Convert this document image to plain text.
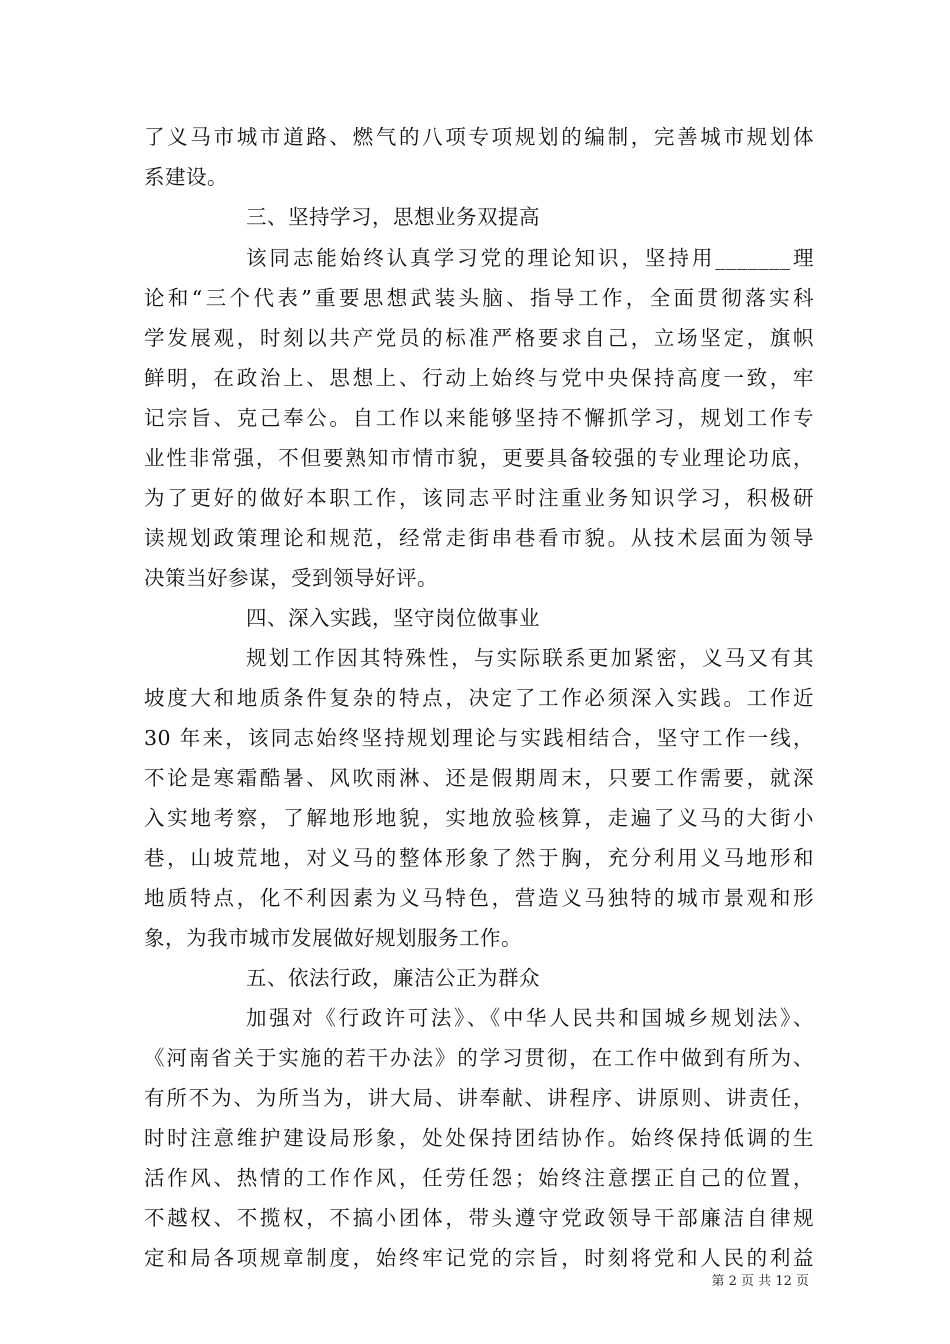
了义马市城市道路、燃气的八项专项规划的编制，完善城市规划体
系建设。
三、坚持学习，思想业务双提高
该同志能始终认真学习党的理论知识，坚持用_______理
论和“三个代表”重要思想武装头脑、指导工作，全面贯彻落实科
学发展观，时刻以共产党员的标准严格要求自己，立场坚定，旗帜
鲜明，在政治上、思想上、行动上始终与党中央保持高度一致，牢
记宗旨、克己奉公。自工作以来能够坚持不懈抓学习，规划工作专
业性非常强，不但要熟知市情市貌，更要具备较强的专业理论功底，
为了更好的做好本职工作，该同志平时注重业务知识学习，积极研
读规划政策理论和规范，经常走街串巷看市貌。从技术层面为领导
决策当好参谋，受到领导好评。
四、深入实践，坚守岗位做事业
规划工作因其特殊性，与实际联系更加紧密，义马又有其
坡度大和地质条件复杂的特点，决定了工作必须深入实践。工作近
30 年来，该同志始终坚持规划理论与实践相结合，坚守工作一线，
不论是寒霜酷暑、风吹雨淋、还是假期周末，只要工作需要，就深
入实地考察，了解地形地貌，实地放验核算，走遍了义马的大街小
巷，山坡荒地，对义马的整体形象了然于胸，充分利用义马地形和
地质特点，化不利因素为义马特色，营造义马独特的城市景观和形
象，为我市城市发展做好规划服务工作。
五、依法行政，廉洁公正为群众
加强对《行政许可法》、《中华人民共和国城乡规划法》、
《河南省关于实施的若干办法》的学习贯彻，在工作中做到有所为、
有所不为、为所当为，讲大局、讲奉献、讲程序、讲原则、讲责任，
时时注意维护建设局形象，处处保持团结协作。始终保持低调的生
活作风、热情的工作作风，任劳任怨；始终注意摆正自己的位置，
不越权、不揽权，不搞小团体，带头遵守党政领导干部廉洁自律规
定和局各项规章制度，始终牢记党的宗旨，时刻将党和人民的利益
第 2 页 共 12 页
